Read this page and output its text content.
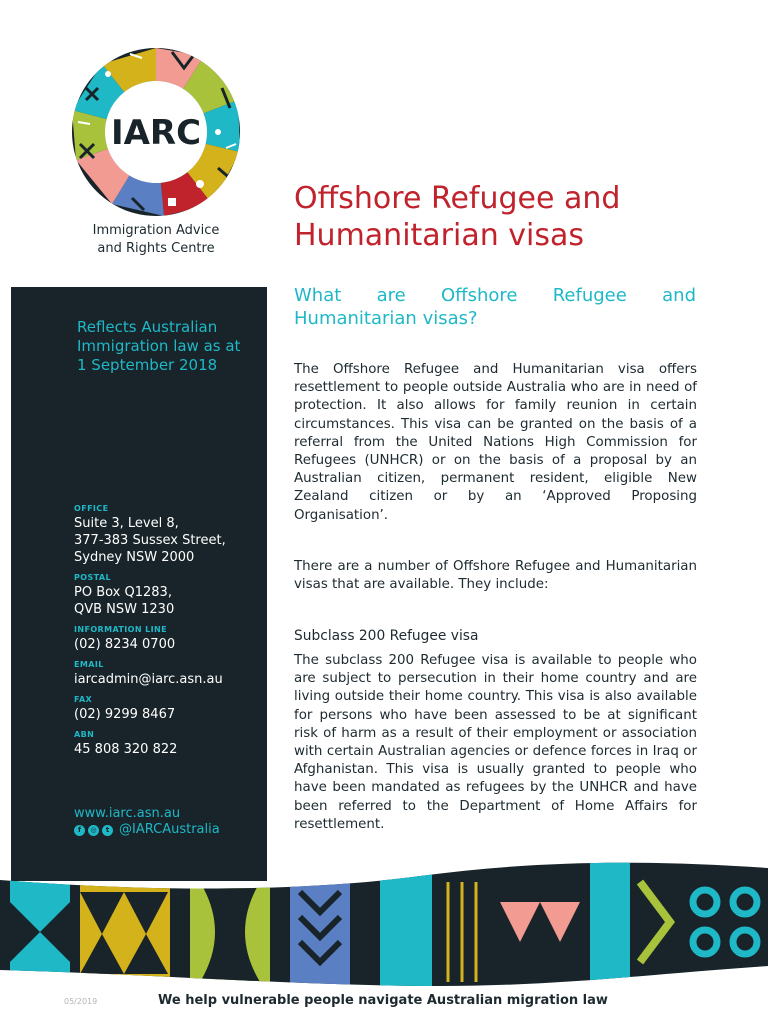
IARC
Immigration Advice
and Rights Centre
Reflects Australian
Immigration law as at
1 September 2018
OFFICE
Suite 3, Level 8,
377-383 Sussex Street,
Sydney NSW 2000
POSTAL
PO Box Q1283,
QVB NSW 1230
INFORMATION LINE
(02) 8234 0700
EMAIL
iarcadmin@iarc.asn.au
FAX
(02) 9299 8467
ABN
45 808 320 822
www.iarc.asn.au
f	◎	t @IARCAustralia
Offshore Refugee and
Humanitarian visas
What are Offshore Refugee and
Humanitarian visas?

The Offshore Refugee and Humanitarian visa offers resettlement to people outside Australia who are in need of protection. It also allows for family reunion in certain circumstances. This visa can be granted on the basis of a referral from the United Nations High Commission for Refugees (UNHCR) or on the basis of a proposal by an Australian citizen, permanent resident, eligible New Zealand citizen or by an ‘Approved Proposing Organisation’.

There are a number of Offshore Refugee and Humanitarian visas that are available. They include:

Subclass 200 Refugee visa

The subclass 200 Refugee visa is available to people who are subject to persecution in their home country and are living outside their home country. This visa is also available for persons who have been assessed to be at significant risk of harm as a result of their employment or association with certain Australian agencies or defence forces in Iraq or Afghanistan. This visa is usually granted to people who have been mandated as refugees by the UNHCR and have been referred to the Department of Home Affairs for resettlement.

05/2019	We help vulnerable people navigate Australian migration law
